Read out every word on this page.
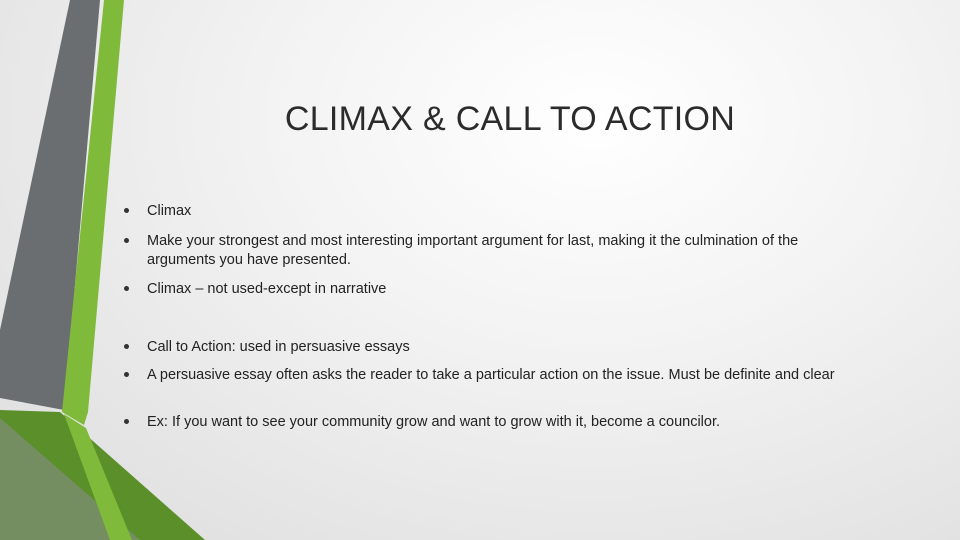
CLIMAX & CALL TO ACTION
Climax
Make your strongest and most interesting important argument for last, making it the culmination of the arguments you have presented.
Climax – not used-except in narrative
Call to Action: used in persuasive essays
A persuasive essay often asks the reader to take a particular action on the issue. Must be definite and clear
Ex: If you want to see your community grow and want to grow with it, become a councilor.
